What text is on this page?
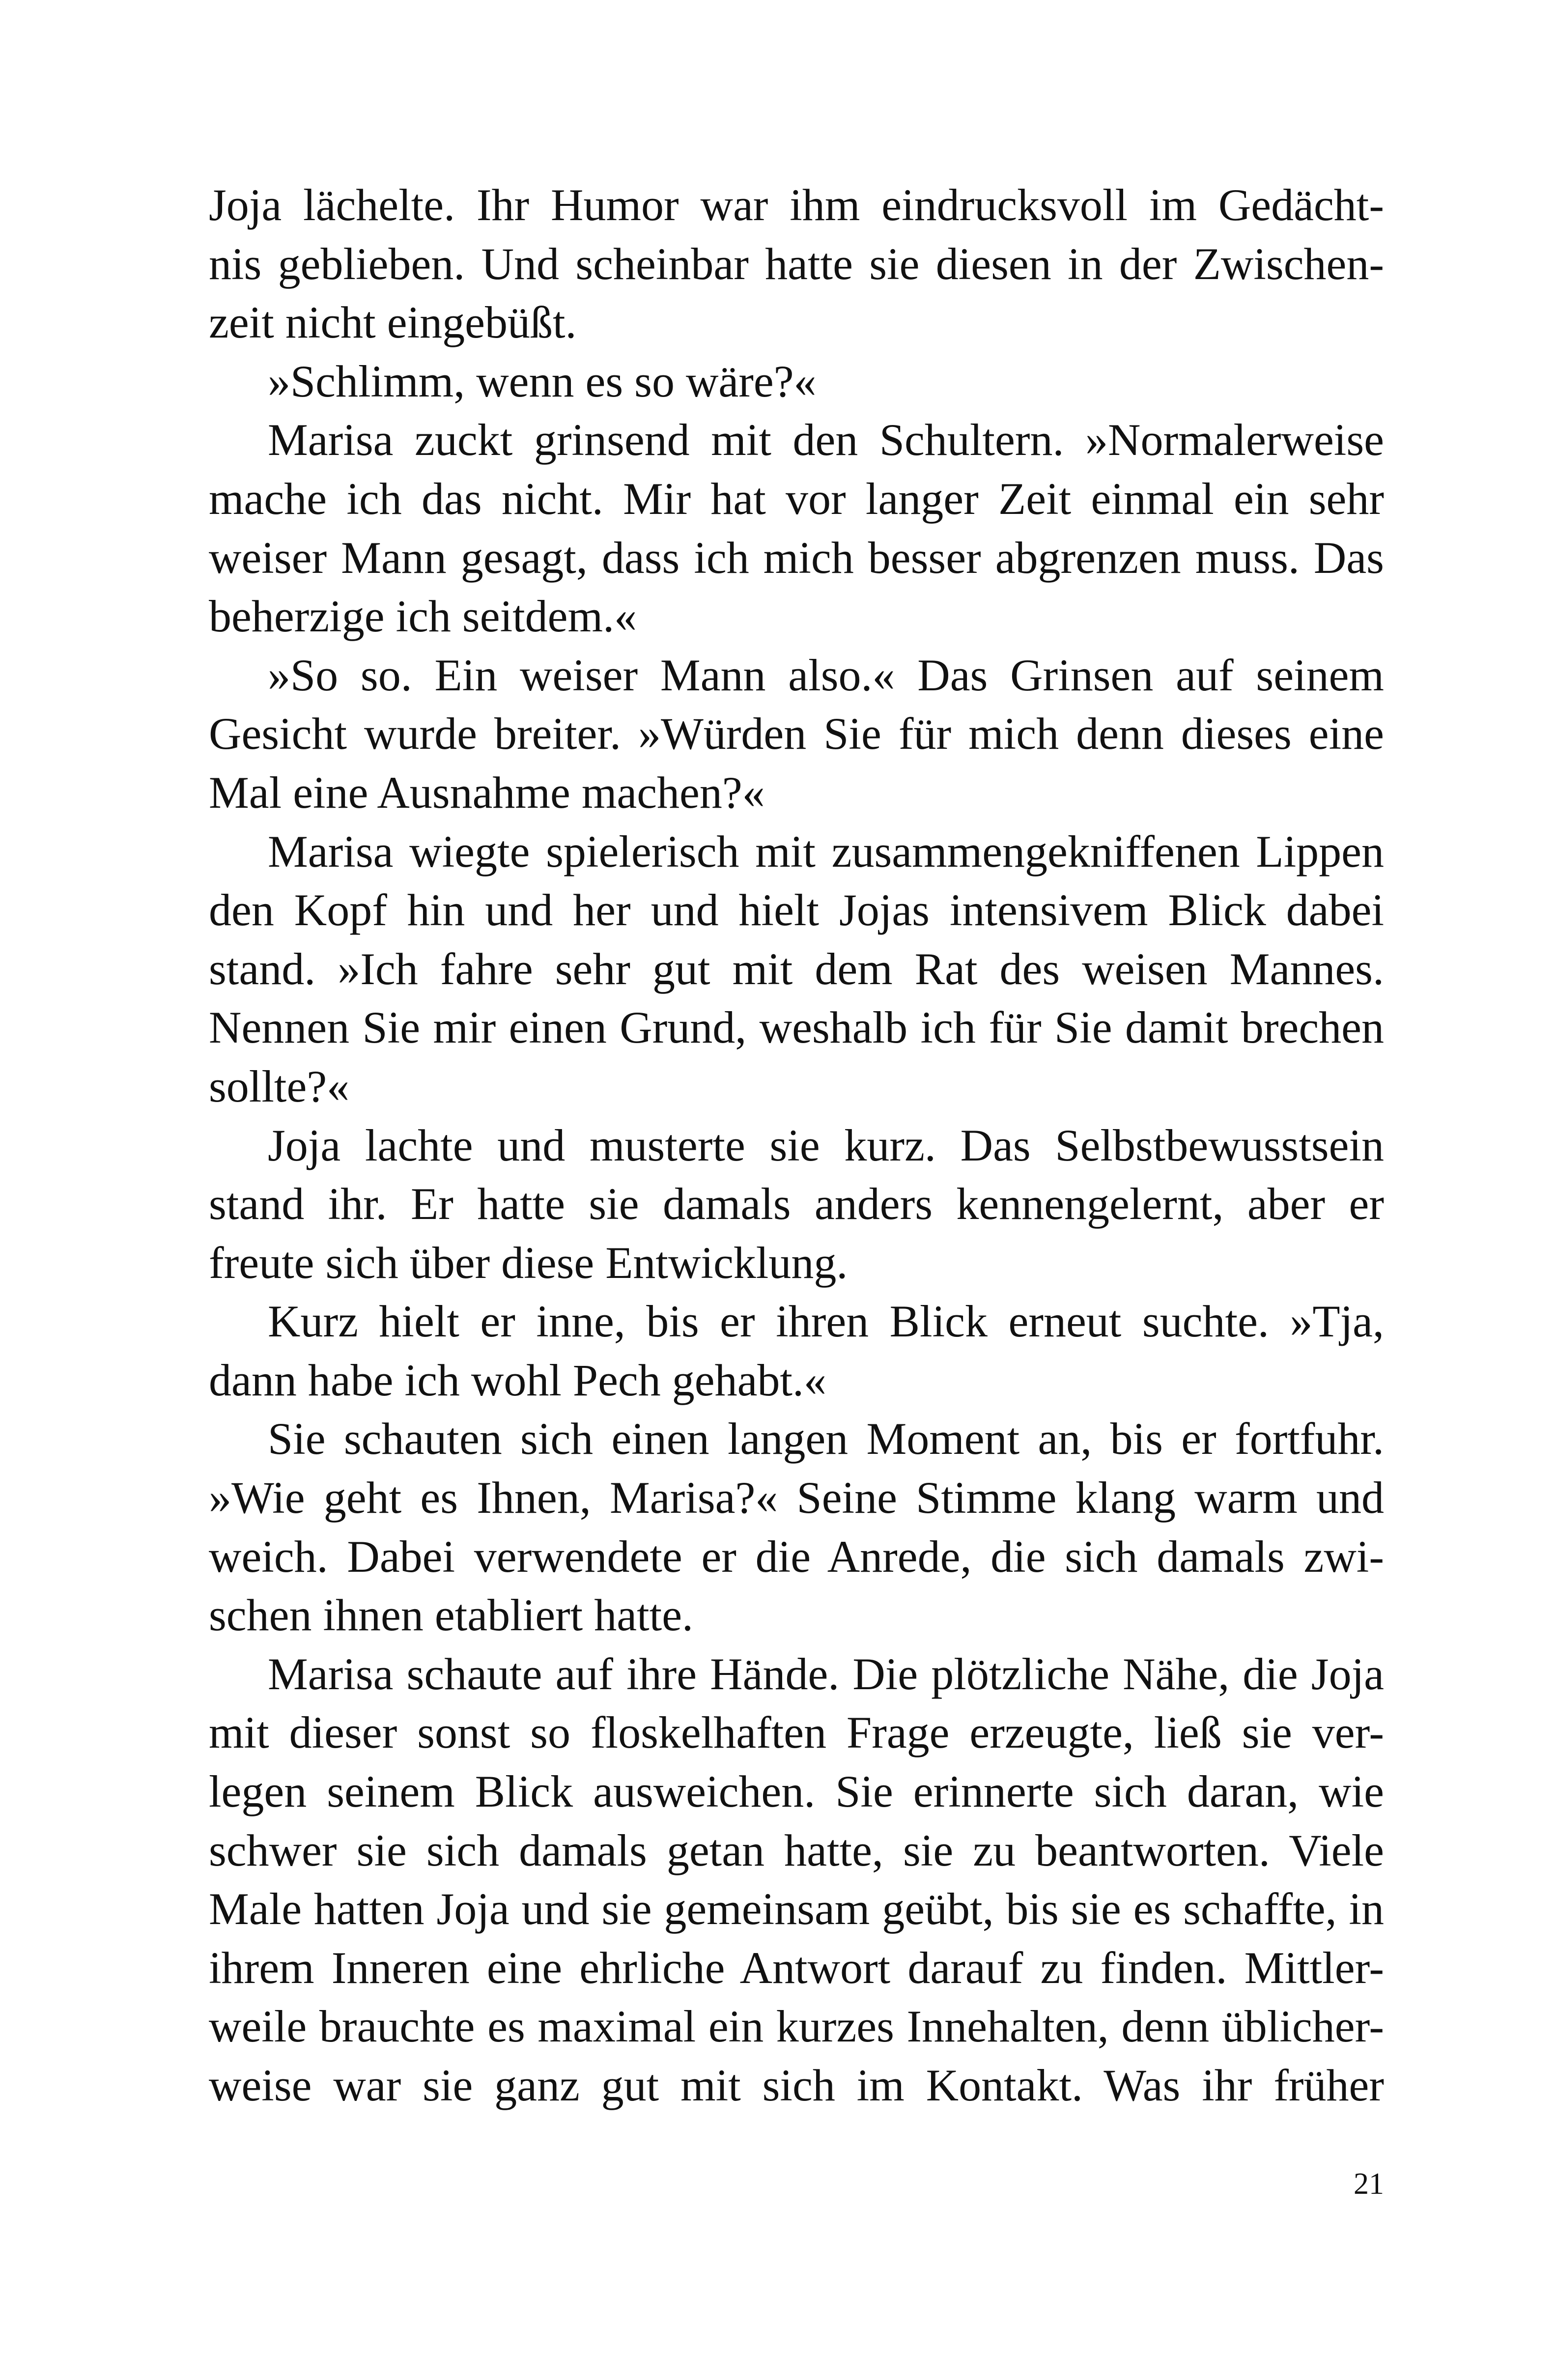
Joja lächelte. Ihr Humor war ihm eindrucksvoll im Gedächt-
nis geblieben. Und scheinbar hatte sie diesen in der Zwischen-
zeit nicht eingebüßt.

»Schlimm, wenn es so wäre?«

Marisa zuckt grinsend mit den Schultern. »Normalerweise
mache ich das nicht. Mir hat vor langer Zeit einmal ein sehr
weiser Mann gesagt, dass ich mich besser abgrenzen muss. Das
beherzige ich seitdem.«

»So so. Ein weiser Mann also.« Das Grinsen auf seinem
Gesicht wurde breiter. »Würden Sie für mich denn dieses eine
Mal eine Ausnahme machen?«

Marisa wiegte spielerisch mit zusammengekniffenen Lippen
den Kopf hin und her und hielt Jojas intensivem Blick dabei
stand. »Ich fahre sehr gut mit dem Rat des weisen Mannes.
Nennen Sie mir einen Grund, weshalb ich für Sie damit brechen
sollte?«

Joja lachte und musterte sie kurz. Das Selbstbewusstsein
stand ihr. Er hatte sie damals anders kennengelernt, aber er
freute sich über diese Entwicklung.

Kurz hielt er inne, bis er ihren Blick erneut suchte. »Tja,
dann habe ich wohl Pech gehabt.«

Sie schauten sich einen langen Moment an, bis er fortfuhr.
»Wie geht es Ihnen, Marisa?« Seine Stimme klang warm und
weich. Dabei verwendete er die Anrede, die sich damals zwi-
schen ihnen etabliert hatte.

Marisa schaute auf ihre Hände. Die plötzliche Nähe, die Joja
mit dieser sonst so floskelhaften Frage erzeugte, ließ sie ver-
legen seinem Blick ausweichen. Sie erinnerte sich daran, wie
schwer sie sich damals getan hatte, sie zu beantworten. Viele
Male hatten Joja und sie gemeinsam geübt, bis sie es schaffte, in
ihrem Inneren eine ehrliche Antwort darauf zu finden. Mittler-
weile brauchte es maximal ein kurzes Innehalten, denn üblicher-
weise war sie ganz gut mit sich im Kontakt. Was ihr früher

21
